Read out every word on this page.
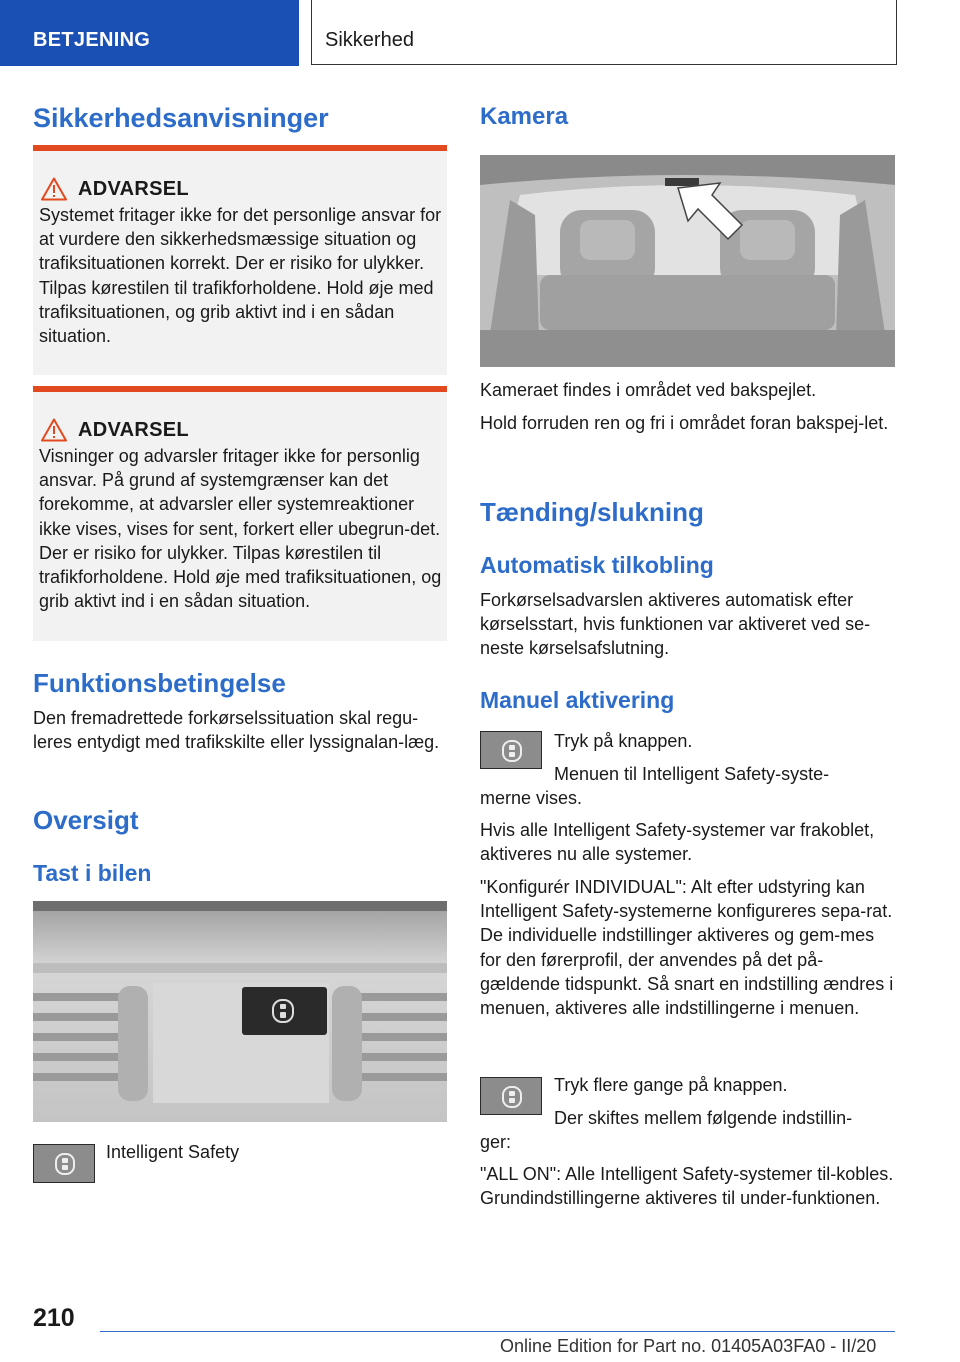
BETJENING	Sikkerhed
Sikkerhedsanvisninger
ADVARSEL
Systemet fritager ikke for det personlige ansvar for at vurdere den sikkerhedsmæssige situation og trafiksituationen korrekt. Der er risiko for ulykker. Tilpas kørestilen til trafikforholdene. Hold øje med trafiksituationen, og grib aktivt ind i en sådan situation.
ADVARSEL
Visninger og advarsler fritager ikke for personlig ansvar. På grund af systemgrænser kan det forekomme, at advarsler eller systemreaktioner ikke vises, vises for sent, forkert eller ubegrun‐det. Der er risiko for ulykker. Tilpas kørestilen til trafikforholdene. Hold øje med trafiksituationen, og grib aktivt ind i en sådan situation.
Funktionsbetingelse

Den fremadrettede forkørselssituation skal regu‐leres entydigt med trafikskilte eller lyssignalan‐læg.

Oversigt
Tast i bilen

Intelligent Safety

Kamera

Kameraet findes i området ved bakspejlet.

Hold forruden ren og fri i området foran bakspej‐let.

Tænding/slukning
Automatisk tilkobling

Forkørselsadvarslen aktiveres automatisk efter kørselsstart, hvis funktionen var aktiveret ved se‐neste kørselsafslutning.

Manuel aktivering

Tryk på knappen.

Menuen til Intelligent Safety-syste‐

merne vises.

Hvis alle Intelligent Safety-systemer var frakoblet, aktiveres nu alle systemer.

"Konfigurér INDIVIDUAL": Alt efter udstyring kan Intelligent Safety-systemerne konfigureres sepa‐rat. De individuelle indstillinger aktiveres og gem‐mes for den førerprofil, der anvendes på det på‐gældende tidspunkt. Så snart en indstilling ændres i menuen, aktiveres alle indstillingerne i menuen.

Tryk flere gange på knappen.

Der skiftes mellem følgende indstillin‐

ger:

"ALL ON": Alle Intelligent Safety-systemer til‐kobles. Grundindstillingerne aktiveres til under‐funktionen.

210
Online Edition for Part no. 01405A03FA0 - II/20
